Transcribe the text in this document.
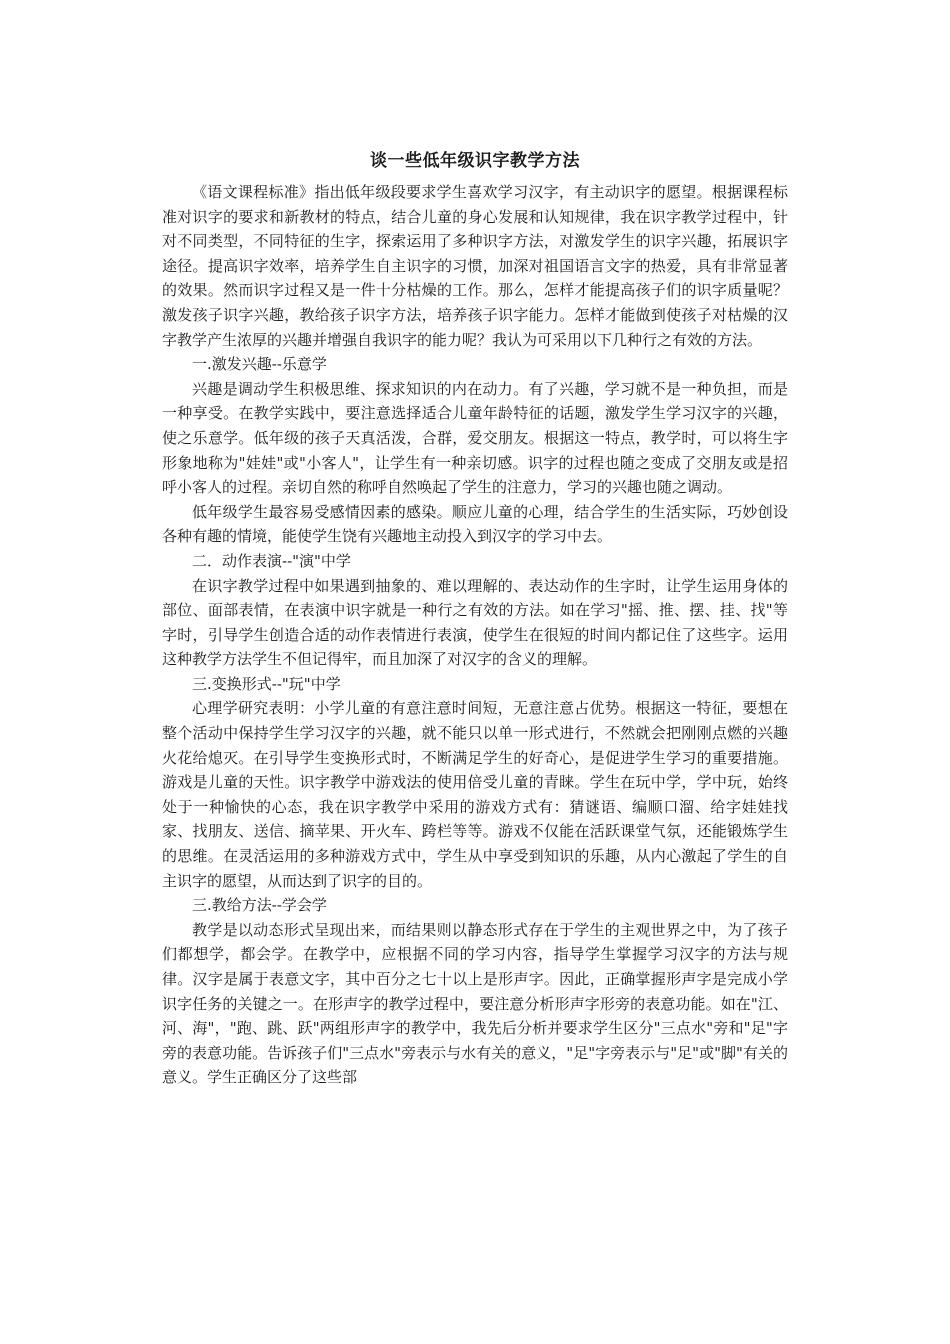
谈一些低年级识字教学方法

《语文课程标准》指出低年级段要求学生喜欢学习汉字，有主动识字的愿望。根据课程标准对识字的要求和新教材的特点，结合儿童的身心发展和认知规律，我在识字教学过程中，针对不同类型，不同特征的生字，探索运用了多种识字方法，对激发学生的识字兴趣，拓展识字途径。提高识字效率，培养学生自主识字的习惯，加深对祖国语言文字的热爱，具有非常显著的效果。然而识字过程又是一件十分枯燥的工作。那么，怎样才能提高孩子们的识字质量呢？激发孩子识字兴趣，教给孩子识字方法，培养孩子识字能力。怎样才能做到使孩子对枯燥的汉字教学产生浓厚的兴趣并增强自我识字的能力呢？我认为可采用以下几种行之有效的方法。

一.激发兴趣--乐意学

兴趣是调动学生积极思维、探求知识的内在动力。有了兴趣，学习就不是一种负担，而是一种享受。在教学实践中，要注意选择适合儿童年龄特征的话题，激发学生学习汉字的兴趣，使之乐意学。低年级的孩子天真活泼，合群，爱交朋友。根据这一特点，教学时，可以将生字形象地称为"娃娃"或"小客人"，让学生有一种亲切感。识字的过程也随之变成了交朋友或是招呼小客人的过程。亲切自然的称呼自然唤起了学生的注意力，学习的兴趣也随之调动。

低年级学生最容易受感情因素的感染。顺应儿童的心理，结合学生的生活实际，巧妙创设各种有趣的情境，能使学生饶有兴趣地主动投入到汉字的学习中去。

二．动作表演--"演"中学

在识字教学过程中如果遇到抽象的、难以理解的、表达动作的生字时，让学生运用身体的部位、面部表情，在表演中识字就是一种行之有效的方法。如在学习"摇、推、摆、挂、找"等字时，引导学生创造合适的动作表情进行表演，使学生在很短的时间内都记住了这些字。运用这种教学方法学生不但记得牢，而且加深了对汉字的含义的理解。

三.变换形式--"玩"中学

心理学研究表明：小学儿童的有意注意时间短，无意注意占优势。根据这一特征，要想在整个活动中保持学生学习汉字的兴趣，就不能只以单一形式进行，不然就会把刚刚点燃的兴趣火花给熄灭。在引导学生变换形式时，不断满足学生的好奇心，是促进学生学习的重要措施。游戏是儿童的天性。识字教学中游戏法的使用倍受儿童的青睐。学生在玩中学，学中玩，始终处于一种愉快的心态，我在识字教学中采用的游戏方式有：猜谜语、编顺口溜、给字娃娃找家、找朋友、送信、摘苹果、开火车、跨栏等等。游戏不仅能在活跃课堂气氛，还能锻炼学生的思维。在灵活运用的多种游戏方式中，学生从中享受到知识的乐趣，从内心激起了学生的自主识字的愿望，从而达到了识字的目的。

三.教给方法--学会学

教学是以动态形式呈现出来，而结果则以静态形式存在于学生的主观世界之中，为了孩子们都想学，都会学。在教学中，应根据不同的学习内容，指导学生掌握学习汉字的方法与规律。汉字是属于表意文字，其中百分之七十以上是形声字。因此，正确掌握形声字是完成小学识字任务的关键之一。在形声字的教学过程中，要注意分析形声字形旁的表意功能。如在"江、河、海"，"跑、跳、跃"两组形声字的教学中，我先后分析并要求学生区分"三点水"旁和"足"字旁的表意功能。告诉孩子们"三点水"旁表示与水有关的意义，"足"字旁表示与"足"或"脚"有关的意义。学生正确区分了这些部
